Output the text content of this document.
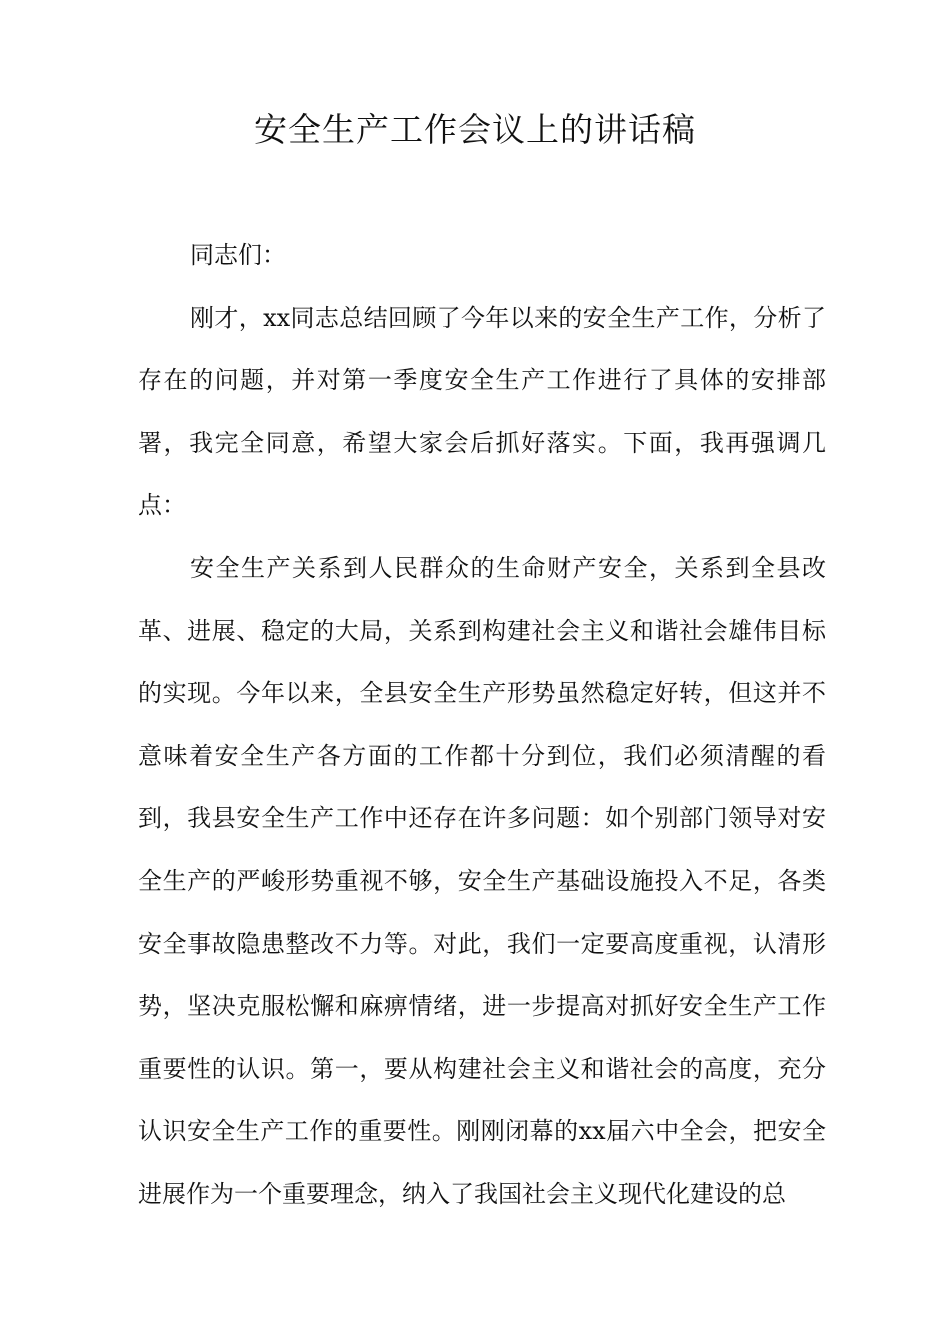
安全生产工作会议上的讲话稿

同志们：

刚才，xx同志总结回顾了今年以来的安全生产工作，分析了存在的问题，并对第一季度安全生产工作进行了具体的安排部署，我完全同意，希望大家会后抓好落实。下面，我再强调几点：

安全生产关系到人民群众的生命财产安全，关系到全县改革、进展、稳定的大局，关系到构建社会主义和谐社会雄伟目标的实现。今年以来，全县安全生产形势虽然稳定好转，但这并不意味着安全生产各方面的工作都十分到位，我们必须清醒的看到，我县安全生产工作中还存在许多问题：如个别部门领导对安全生产的严峻形势重视不够，安全生产基础设施投入不足，各类安全事故隐患整改不力等。对此，我们一定要高度重视，认清形势，坚决克服松懈和麻痹情绪，进一步提高对抓好安全生产工作重要性的认识。第一，要从构建社会主义和谐社会的高度，充分认识安全生产工作的重要性。刚刚闭幕的xx届六中全会，把安全进展作为一个重要理念，纳入了我国社会主义现代化建设的总
